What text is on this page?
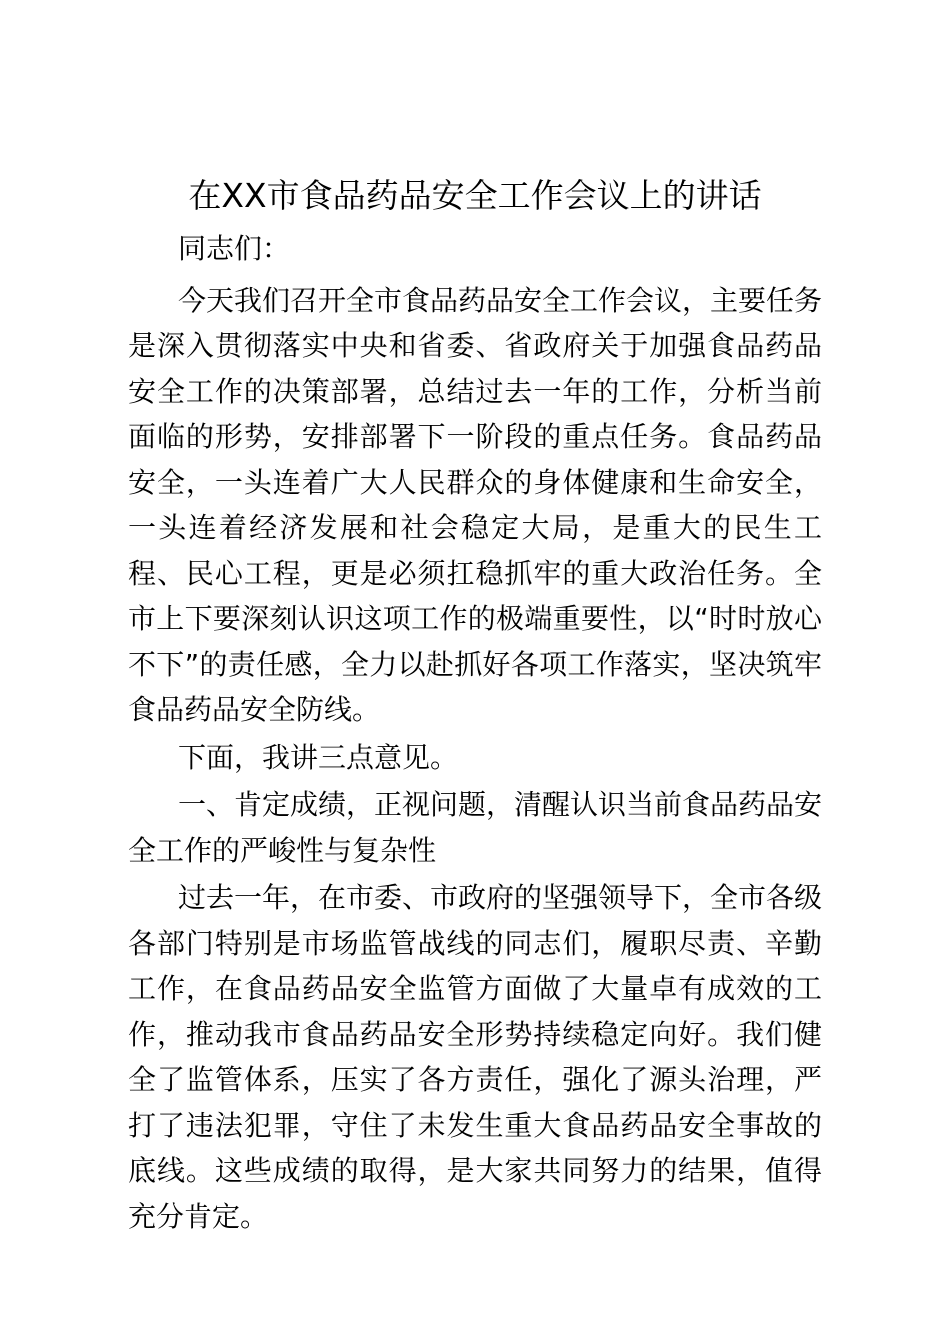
在XX市食品药品安全工作会议上的讲话

同志们：

今天我们召开全市食品药品安全工作会议，主要任务是深入贯彻落实中央和省委、省政府关于加强食品药品安全工作的决策部署，总结过去一年的工作，分析当前面临的形势，安排部署下一阶段的重点任务。食品药品安全，一头连着广大人民群众的身体健康和生命安全，一头连着经济发展和社会稳定大局，是重大的民生工程、民心工程，更是必须扛稳抓牢的重大政治任务。全市上下要深刻认识这项工作的极端重要性，以“时时放心不下”的责任感，全力以赴抓好各项工作落实，坚决筑牢食品药品安全防线。

下面，我讲三点意见。

一、肯定成绩，正视问题，清醒认识当前食品药品安全工作的严峻性与复杂性

过去一年，在市委、市政府的坚强领导下，全市各级各部门特别是市场监管战线的同志们，履职尽责、辛勤工作，在食品药品安全监管方面做了大量卓有成效的工作，推动我市食品药品安全形势持续稳定向好。我们健全了监管体系，压实了各方责任，强化了源头治理，严打了违法犯罪，守住了未发生重大食品药品安全事故的底线。这些成绩的取得，是大家共同努力的结果，值得充分肯定。
